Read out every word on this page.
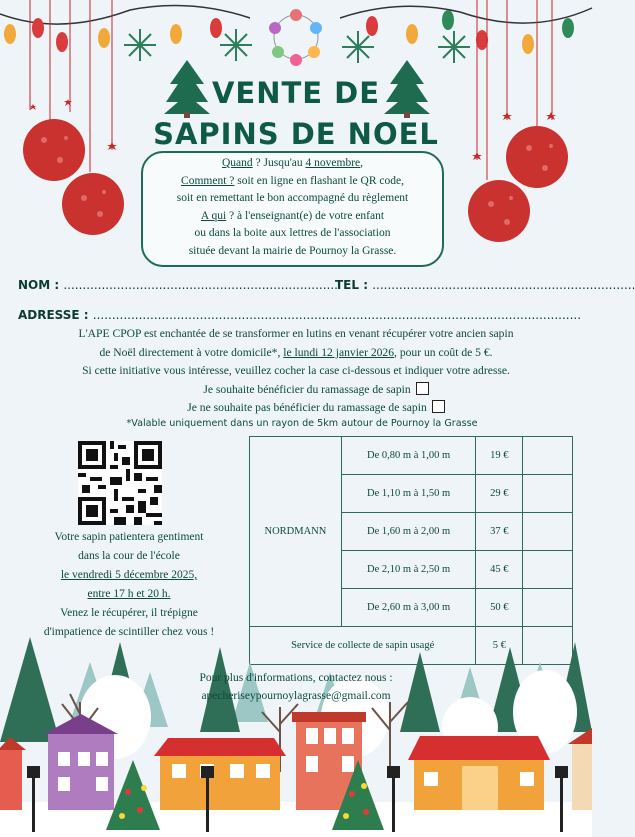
VENTE DE
SAPINS DE NOEL
Quand ? Jusqu'au 4 novembre,
Comment ? soit en ligne en flashant le QR code,
soit en remettant le bon accompagné du règlement
A qui ? à l'enseignant(e) de votre enfant
ou dans la boite aux lettres de l'association
située devant la mairie de Pournoy la Grasse.
NOM : ........................................................................
TEL : .....................................................................
ADRESSE : ................................................................................................................................
L'APE CPOP est enchantée de se transformer en lutins en venant récupérer votre ancien sapin
de Noël directement à votre domicile*, le lundi 12 janvier 2026, pour un coût de 5 €.
Si cette initiative vous intéresse, veuillez cocher la case ci-dessous et indiquer votre adresse.
Je souhaite bénéficier du ramassage de sapin
Je ne souhaite pas bénéficier du ramassage de sapin
*Valable uniquement dans un rayon de 5km autour de Pournoy la Grasse
Votre sapin patientera gentiment
dans la cour de l'école
le vendredi 5 décembre 2025,
entre 17 h et 20 h.
Venez le récupérer, il trépigne
d'impatience de scintiller chez vous !
NORDMANN	De 0,80 m à 1,00 m	19 €	
	De 1,10 m à 1,50 m	29 €	
	De 1,60 m à 2,00 m	37 €	
	De 2,10 m à 2,50 m	45 €	
	De 2,60 m à 3,00 m	50 €	
Service de collecte de sapin usagé		5 €	
Pour plus d'informations, contactez nous :
apecheriseypournoylagrasse@gmail.com
